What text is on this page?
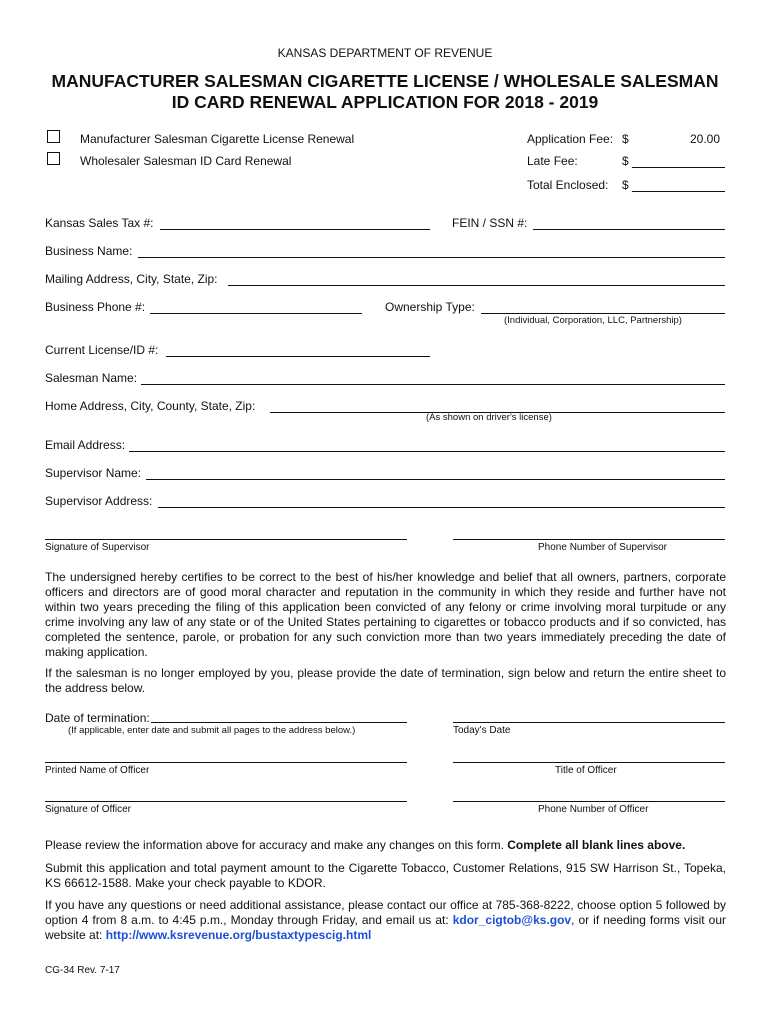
KANSAS DEPARTMENT OF REVENUE
MANUFACTURER SALESMAN CIGARETTE LICENSE / WHOLESALE SALESMAN
ID CARD RENEWAL APPLICATION FOR 2018 - 2019
Manufacturer Salesman Cigarette License Renewal
Wholesaler Salesman ID Card Renewal
Application Fee: $	20.00
Late Fee:	$
Total Enclosed: $
Kansas Sales Tax #:	FEIN / SSN #:
Business Name:
Mailing Address, City, State, Zip:
Business Phone #:	Ownership Type:
(Individual, Corporation, LLC, Partnership)
Current License/ID #:
Salesman Name:
Home Address, City, County, State, Zip:
(As shown on driver's license)
Email Address:
Supervisor Name:
Supervisor Address:
Signature of Supervisor	Phone Number of Supervisor
The undersigned hereby certifies to be correct to the best of his/her knowledge and belief that all owners, partners, corporate officers and directors are of good moral character and reputation in the community in which they reside and further have not within two years preceding the filing of this application been convicted of any felony or crime involving moral turpitude or any crime involving any law of any state or of the United States pertaining to cigarettes or tobacco products and if so convicted, has completed the sentence, parole, or probation for any such conviction more than two years immediately preceding the date of making application.
If the salesman is no longer employed by you, please provide the date of termination, sign below and return the entire sheet to the address below.
Date of termination:
(If applicable, enter date and submit all pages to the address below.)	Today's Date
Printed Name of Officer	Title of Officer
Signature of Officer	Phone Number of Officer
Please review the information above for accuracy and make any changes on this form. Complete all blank lines above.
Submit this application and total payment amount to the Cigarette Tobacco, Customer Relations, 915 SW Harrison St., Topeka, KS 66612-1588. Make your check payable to KDOR.
If you have any questions or need additional assistance, please contact our office at 785-368-8222, choose option 5 followed by option 4 from 8 a.m. to 4:45 p.m., Monday through Friday, and email us at: kdor_cigtob@ks.gov, or if needing forms visit our website at: http://www.ksrevenue.org/bustaxtypescig.html
CG-34 Rev. 7-17
